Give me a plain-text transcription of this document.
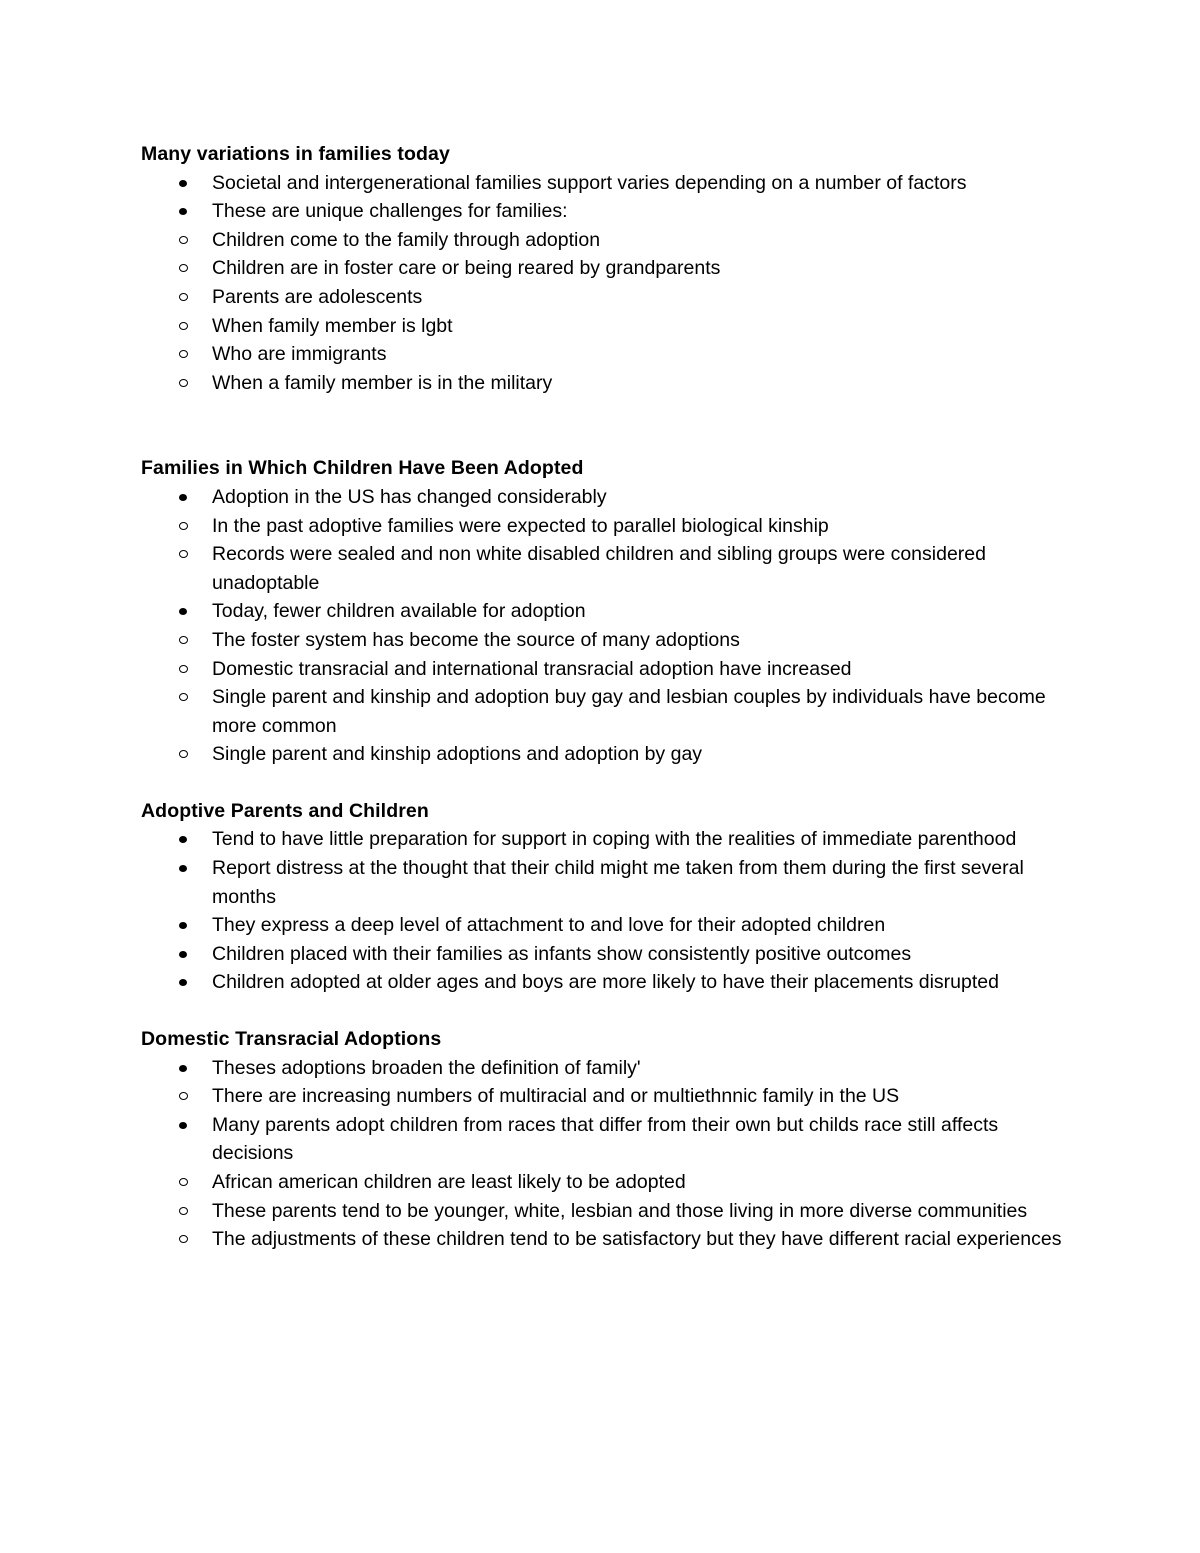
Many variations in families today

Societal and intergenerational families support varies depending on a number of factors
These are unique challenges for families:
Children come to the family through adoption
Children are in foster care or being reared by grandparents
Parents are adolescents
When family member is lgbt
Who are immigrants
When a family member is in the military

Families in Which Children Have Been Adopted

Adoption in the US has changed considerably
In the past adoptive families were expected to parallel biological kinship
Records were sealed and non white disabled children and sibling groups were considered unadoptable
Today, fewer children available for adoption
The foster system has become the source of many adoptions
Domestic transracial and international transracial adoption have increased
Single parent and kinship and adoption buy gay and lesbian couples by individuals have become more common
Single parent and kinship adoptions and adoption by gay

Adoptive Parents and Children

Tend to have little preparation for support in coping with the realities of immediate parenthood
Report distress at the thought that their child might me taken from them during the first several months
They express a deep level of attachment to and love for their adopted children
Children placed with their families as infants show consistently positive outcomes
Children adopted at older ages and boys are more likely to have their placements disrupted

Domestic Transracial Adoptions

Theses adoptions broaden the definition of family'
There are increasing numbers of multiracial and or multiethnnic family in the US
Many parents adopt children from races that differ from their own but childs race still affects decisions
African american children are least likely to be adopted
These parents tend to be younger, white, lesbian and those living in more diverse communities
The adjustments of these children tend to be satisfactory but they have different racial experiences
